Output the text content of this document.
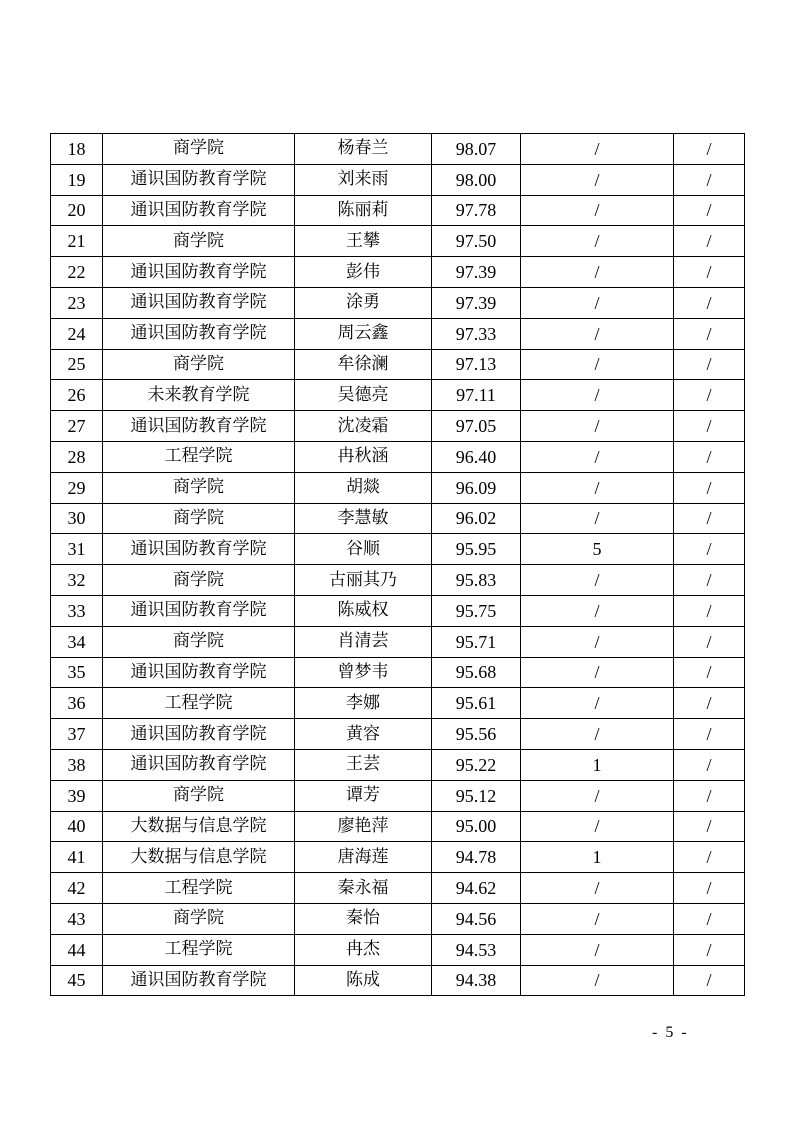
18	商学院	杨春兰	98.07	/	/
19	通识国防教育学院	刘来雨	98.00	/	/
20	通识国防教育学院	陈丽莉	97.78	/	/
21	商学院	王攀	97.50	/	/
22	通识国防教育学院	彭伟	97.39	/	/
23	通识国防教育学院	涂勇	97.39	/	/
24	通识国防教育学院	周云鑫	97.33	/	/
25	商学院	牟徐澜	97.13	/	/
26	未来教育学院	吴德亮	97.11	/	/
27	通识国防教育学院	沈凌霜	97.05	/	/
28	工程学院	冉秋涵	96.40	/	/
29	商学院	胡燚	96.09	/	/
30	商学院	李慧敏	96.02	/	/
31	通识国防教育学院	谷顺	95.95	5	/
32	商学院	古丽其乃	95.83	/	/
33	通识国防教育学院	陈威权	95.75	/	/
34	商学院	肖清芸	95.71	/	/
35	通识国防教育学院	曾梦韦	95.68	/	/
36	工程学院	李娜	95.61	/	/
37	通识国防教育学院	黄容	95.56	/	/
38	通识国防教育学院	王芸	95.22	1	/
39	商学院	谭芳	95.12	/	/
40	大数据与信息学院	廖艳萍	95.00	/	/
41	大数据与信息学院	唐海莲	94.78	1	/
42	工程学院	秦永福	94.62	/	/
43	商学院	秦怡	94.56	/	/
44	工程学院	冉杰	94.53	/	/
45	通识国防教育学院	陈成	94.38	/	/
- 5 -
